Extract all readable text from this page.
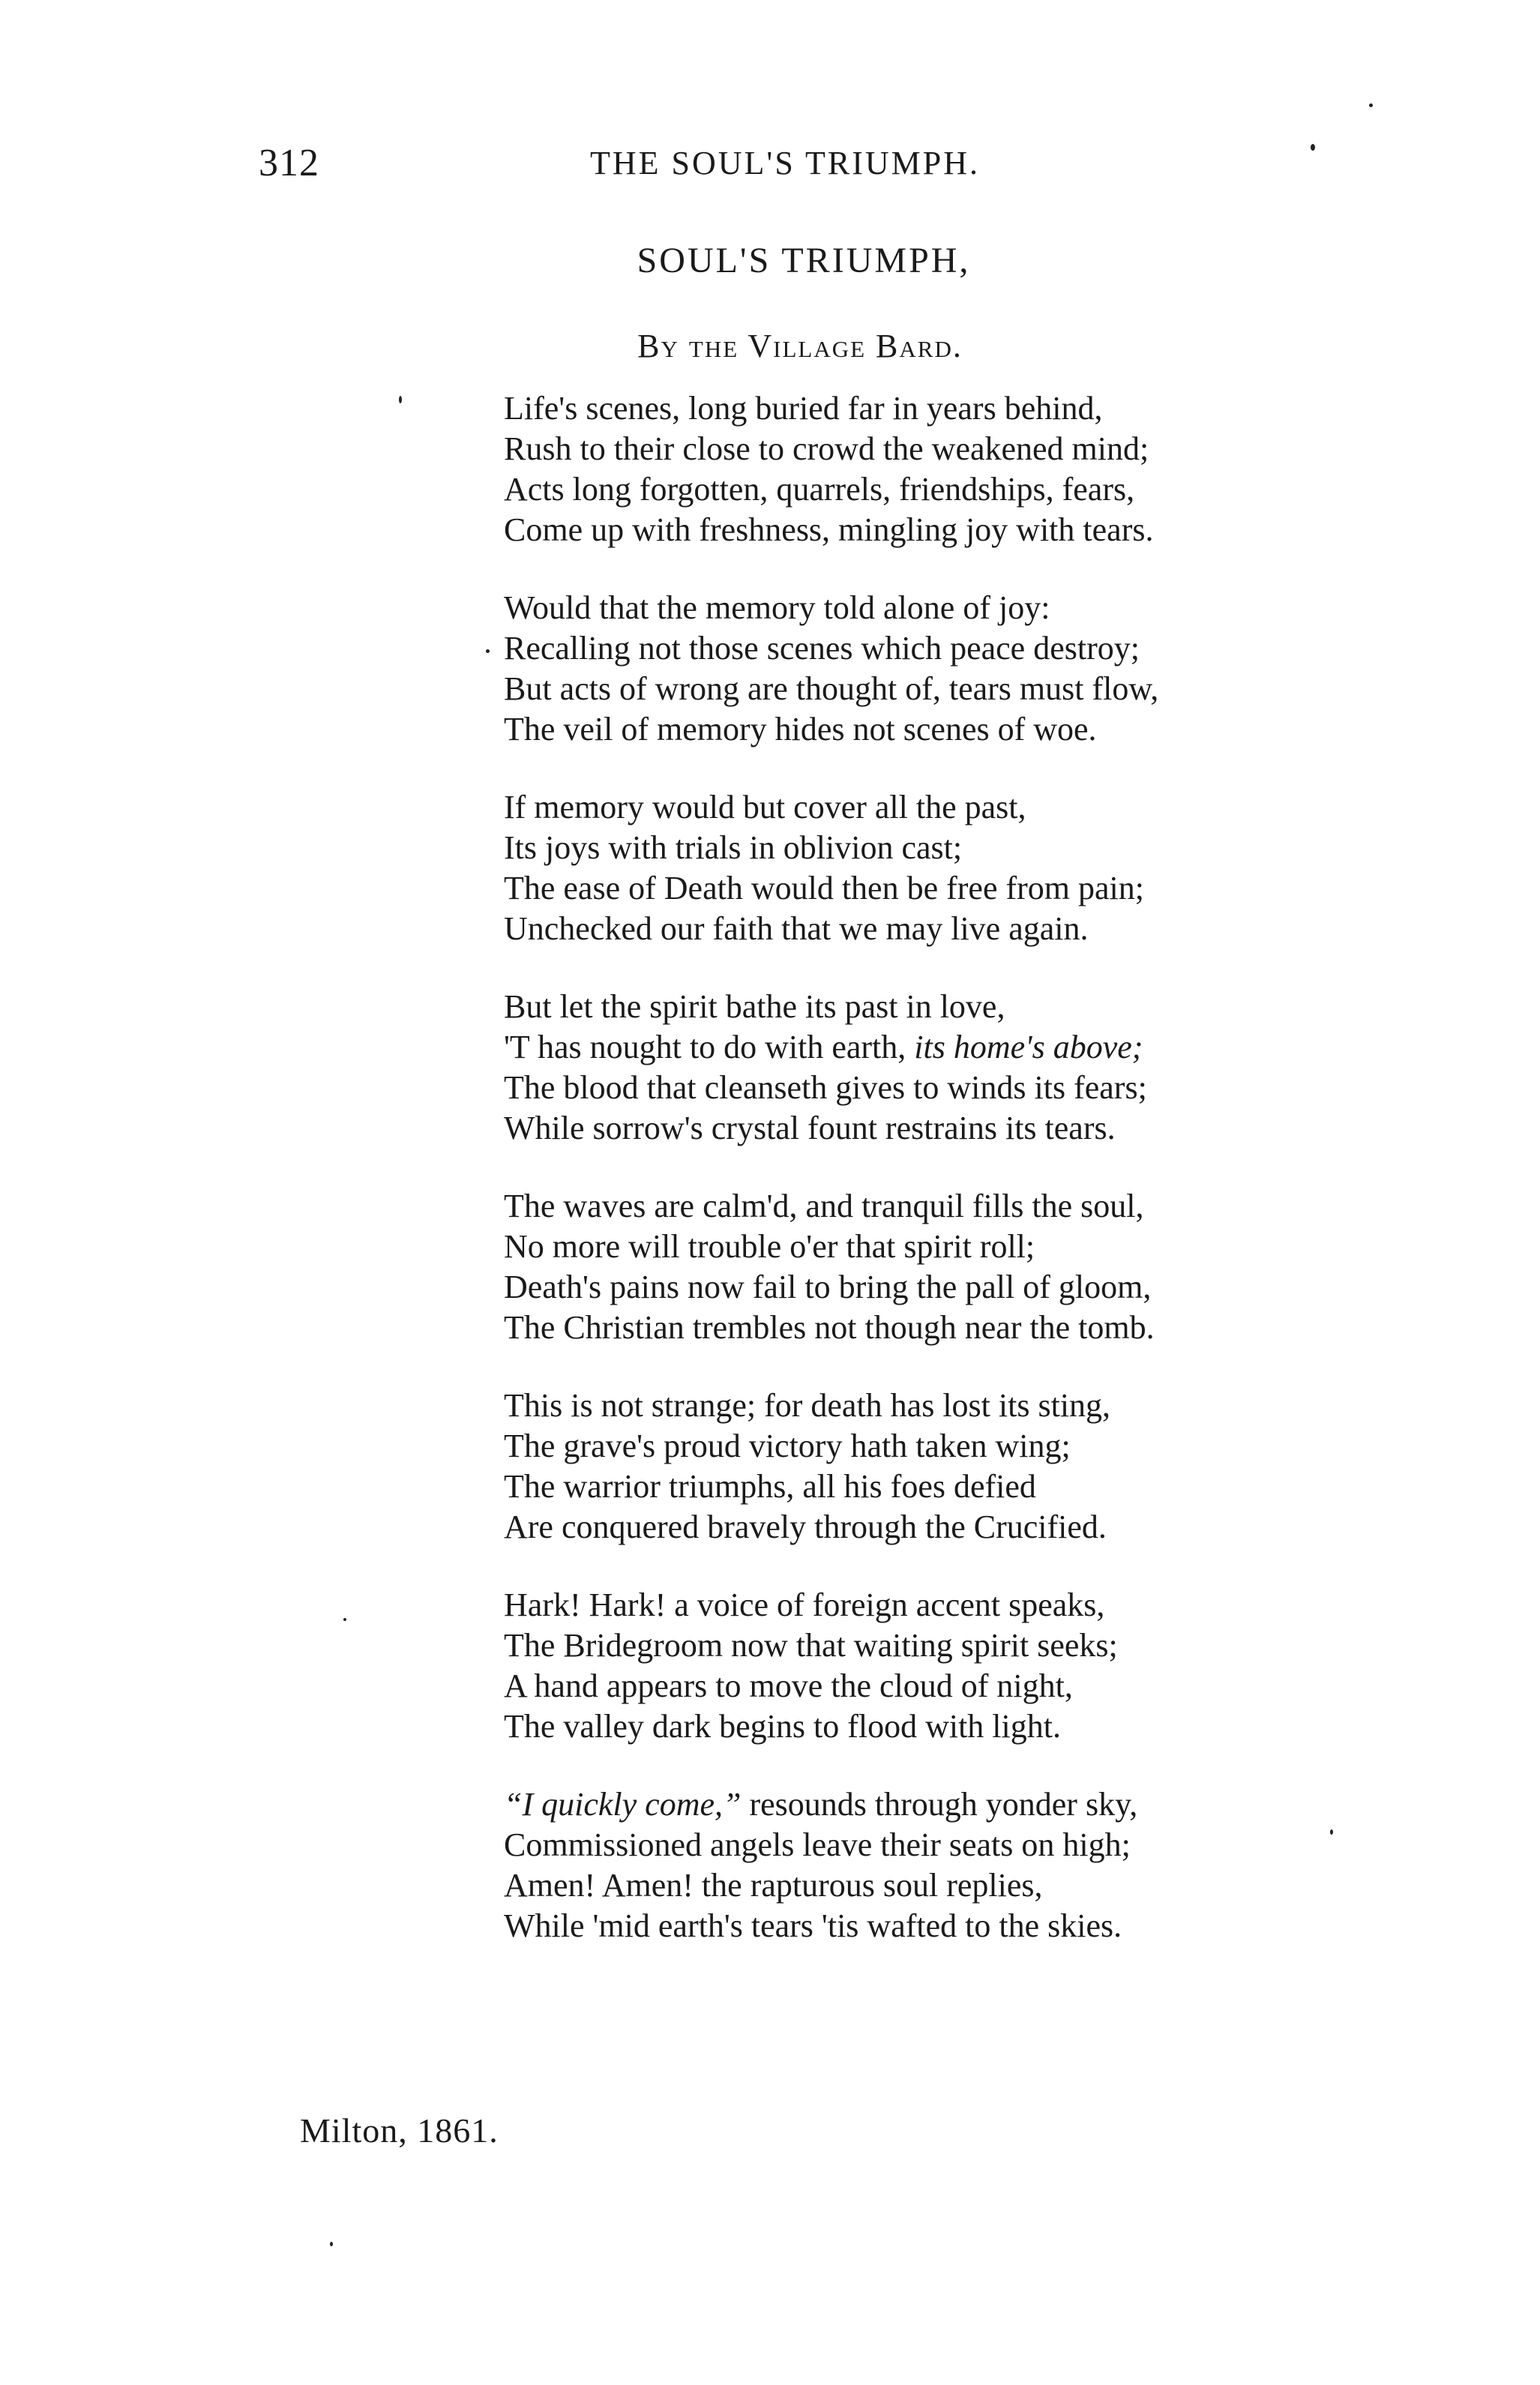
312	THE SOUL'S TRIUMPH.
SOUL'S TRIUMPH,
By the Village Bard.
Life's scenes, long buried far in years behind,
Rush to their close to crowd the weakened mind;
Acts long forgotten, quarrels, friendships, fears,
Come up with freshness, mingling joy with tears.
Would that the memory told alone of joy:
Recalling not those scenes which peace destroy;
But acts of wrong are thought of, tears must flow,
The veil of memory hides not scenes of woe.
If memory would but cover all the past,
Its joys with trials in oblivion cast;
The ease of Death would then be free from pain;
Unchecked our faith that we may live again.
But let the spirit bathe its past in love,
'T has nought to do with earth, its home's above;
The blood that cleanseth gives to winds its fears;
While sorrow's crystal fount restrains its tears.
The waves are calm'd, and tranquil fills the soul,
No more will trouble o'er that spirit roll;
Death's pains now fail to bring the pall of gloom,
The Christian trembles not though near the tomb.
This is not strange; for death has lost its sting,
The grave's proud victory hath taken wing;
The warrior triumphs, all his foes defied
Are conquered bravely through the Crucified.
Hark! Hark! a voice of foreign accent speaks,
The Bridegroom now that waiting spirit seeks;
A hand appears to move the cloud of night,
The valley dark begins to flood with light.
“I quickly come,” resounds through yonder sky,
Commissioned angels leave their seats on high;
Amen! Amen! the rapturous soul replies,
While 'mid earth's tears 'tis wafted to the skies.
Milton, 1861.
